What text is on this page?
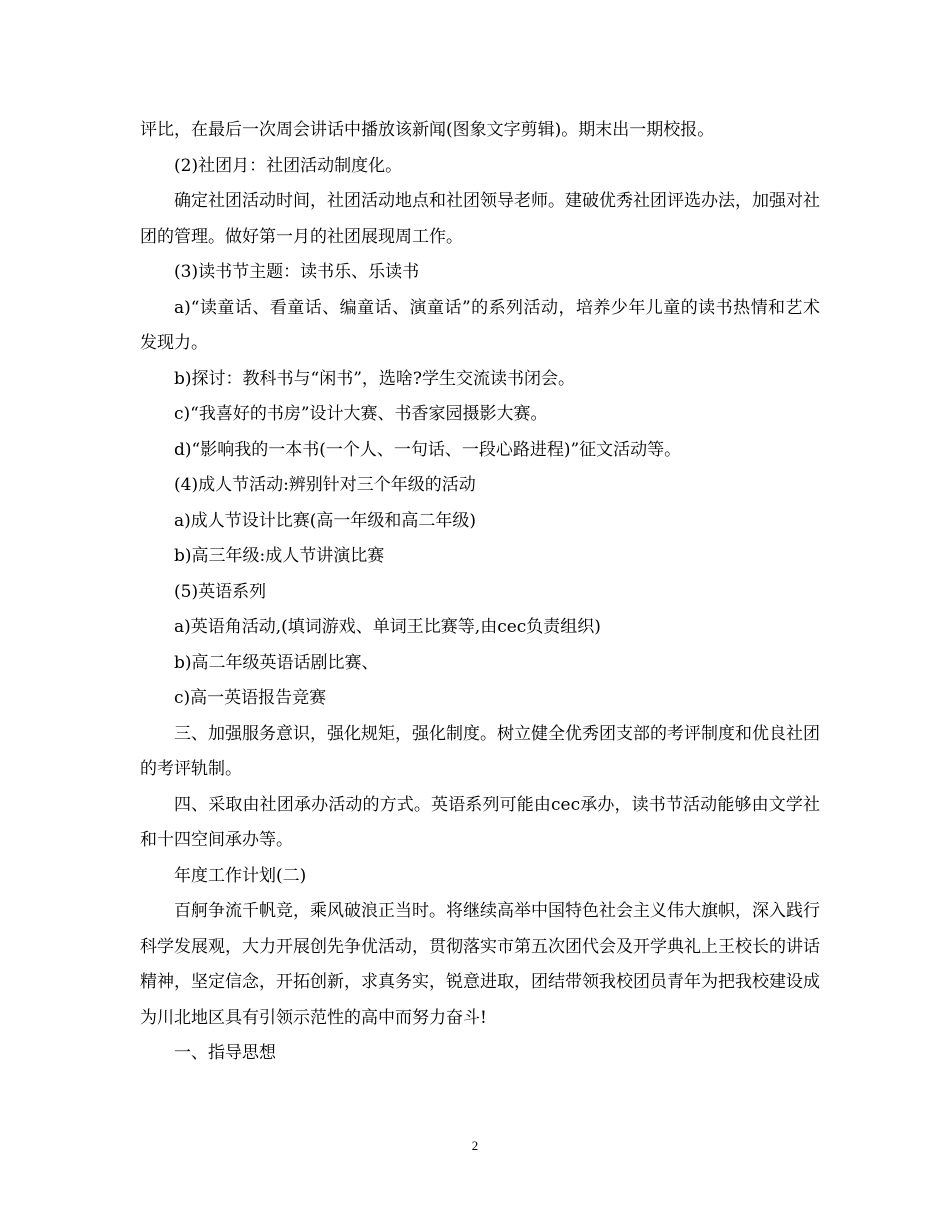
评比，在最后一次周会讲话中播放该新闻(图象文字剪辑)。期末出一期校报。

(2)社团月：社团活动制度化。

确定社团活动时间，社团活动地点和社团领导老师。建破优秀社团评选办法，加强对社团的管理。做好第一月的社团展现周工作。

(3)读书节主题：读书乐、乐读书

a)“读童话、看童话、编童话、演童话”的系列活动，培养少年儿童的读书热情和艺术发现力。

b)探讨：教科书与“闲书”，选啥?学生交流读书闭会。

c)“我喜好的书房”设计大赛、书香家园摄影大赛。

d)“影响我的一本书(一个人、一句话、一段心路进程)”征文活动等。

(4)成人节活动:辨别针对三个年级的活动

a)成人节设计比赛(高一年级和高二年级)

b)高三年级:成人节讲演比赛

(5)英语系列

a)英语角活动,(填词游戏、单词王比赛等,由cec负责组织)

b)高二年级英语话剧比赛、

c)高一英语报告竞赛

三、加强服务意识，强化规矩，强化制度。树立健全优秀团支部的考评制度和优良社团的考评轨制。

四、采取由社团承办活动的方式。英语系列可能由cec承办，读书节活动能够由文学社和十四空间承办等。

年度工作计划(二)

百舸争流千帆竞，乘风破浪正当时。将继续高举中国特色社会主义伟大旗帜，深入践行科学发展观，大力开展创先争优活动，贯彻落实市第五次团代会及开学典礼上王校长的讲话精神，坚定信念，开拓创新，求真务实，锐意进取，团结带领我校团员青年为把我校建设成为川北地区具有引领示范性的高中而努力奋斗!

一、指导思想

2
